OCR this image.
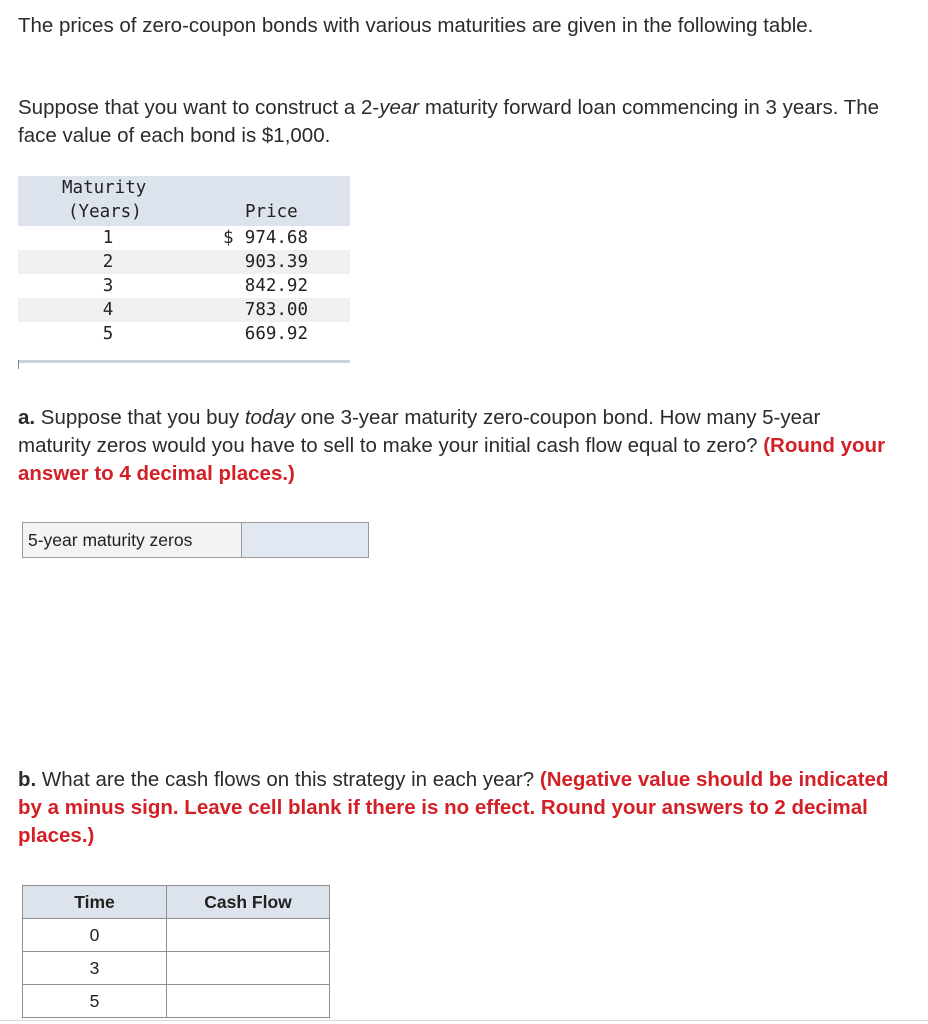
The prices of zero-coupon bonds with various maturities are given in the following table.
Suppose that you want to construct a 2-year maturity forward loan commencing in 3 years. The face value of each bond is $1,000.
Maturity
(Years)	Price
1	$ 974.68
2	903.39
3	842.92
4	783.00
5	669.92
a. Suppose that you buy today one 3-year maturity zero-coupon bond. How many 5-year maturity zeros would you have to sell to make your initial cash flow equal to zero? (Round your answer to 4 decimal places.)
5-year maturity zeros
b. What are the cash flows on this strategy in each year? (Negative value should be indicated by a minus sign. Leave cell blank if there is no effect. Round your answers to 2 decimal places.)
Time	Cash Flow
0	
3	
5	
